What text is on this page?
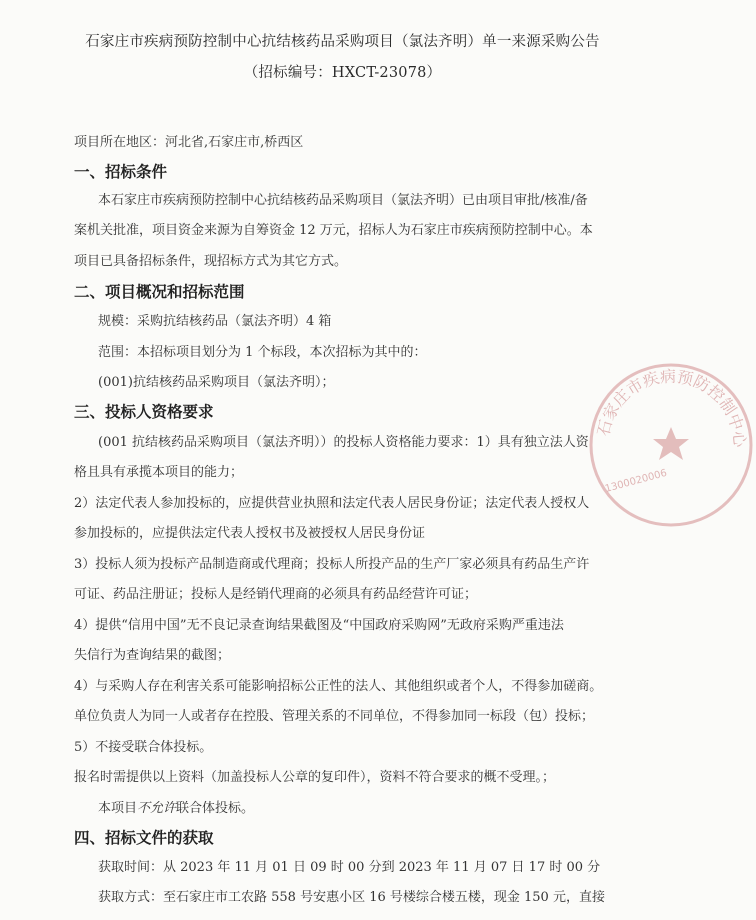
石家庄市疾病预防控制中心抗结核药品采购项目（氯法齐明）单一来源采购公告
（招标编号：HXCT-23078）
项目所在地区：河北省,石家庄市,桥西区
一、招标条件
本石家庄市疾病预防控制中心抗结核药品采购项目（氯法齐明）已由项目审批/核准/备
案机关批准，项目资金来源为自筹资金 12 万元，招标人为石家庄市疾病预防控制中心。本
项目已具备招标条件，现招标方式为其它方式。
二、项目概况和招标范围
规模：采购抗结核药品（氯法齐明）4 箱
范围：本招标项目划分为 1 个标段，本次招标为其中的：
(001)抗结核药品采购项目（氯法齐明）；
三、投标人资格要求
(001 抗结核药品采购项目（氯法齐明））的投标人资格能力要求：1）具有独立法人资
格且具有承揽本项目的能力；
2）法定代表人参加投标的，应提供营业执照和法定代表人居民身份证；法定代表人授权人
参加投标的，应提供法定代表人授权书及被授权人居民身份证
3）投标人须为投标产品制造商或代理商；投标人所投产品的生产厂家必须具有药品生产许
可证、药品注册证；投标人是经销代理商的必须具有药品经营许可证；
4）提供“信用中国”无不良记录查询结果截图及“中国政府采购网”无政府采购严重违法
失信行为查询结果的截图；
4）与采购人存在利害关系可能影响招标公正性的法人、其他组织或者个人，不得参加磋商。
单位负责人为同一人或者存在控股、管理关系的不同单位，不得参加同一标段（包）投标；
5）不接受联合体投标。
报名时需提供以上资料（加盖投标人公章的复印件），资料不符合要求的概不受理。；
本项目不允许联合体投标。
四、招标文件的获取
获取时间：从 2023 年 11 月 01 日 09 时 00 分到 2023 年 11 月 07 日 17 时 00 分
获取方式：至石家庄市工农路 558 号安惠小区 16 号楼综合楼五楼，现金 150 元，直接
石家庄市疾病预防控制中心
1300020006
